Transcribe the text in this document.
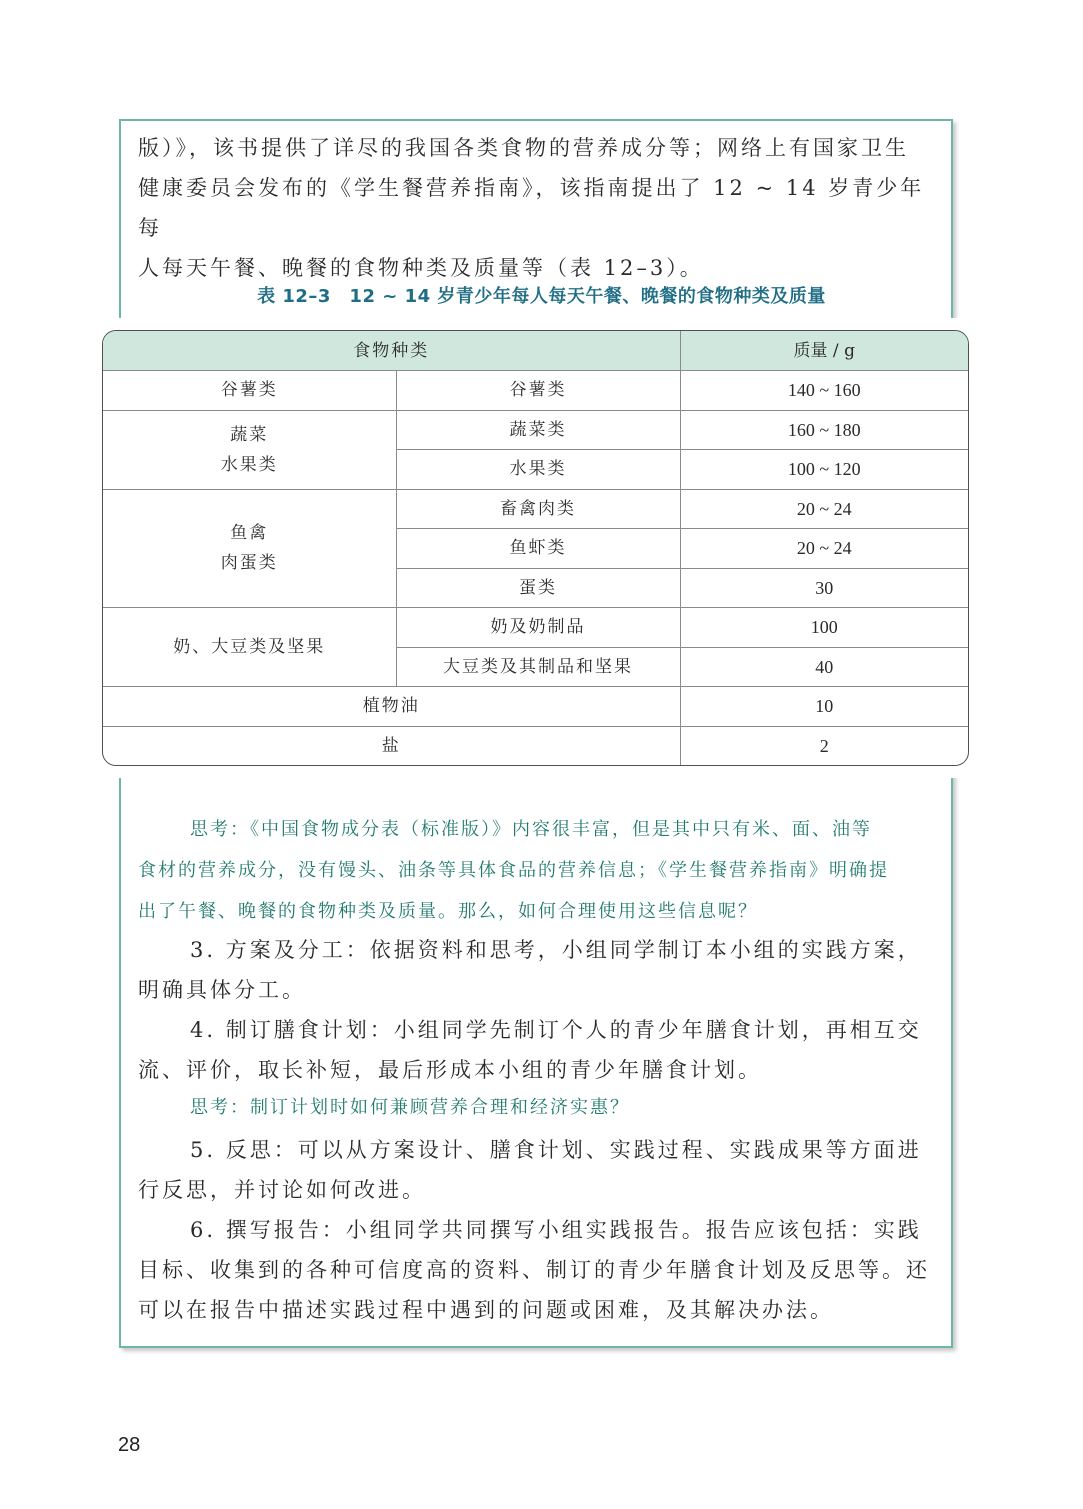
版）》，该书提供了详尽的我国各类食物的营养成分等；网络上有国家卫生
健康委员会发布的《学生餐营养指南》，该指南提出了 12 ~ 14 岁青少年每
人每天午餐、晚餐的食物种类及质量等（表 12–3）。

表 12–3　12 ~ 14 岁青少年每人每天午餐、晚餐的食物种类及质量
食物种类		质量 / g
谷薯类	谷薯类	140 ~ 160
蔬菜
水果类	蔬菜类	160 ~ 180
	水果类	100 ~ 120
鱼禽
肉蛋类	畜禽肉类	20 ~ 24
	鱼虾类	20 ~ 24
	蛋类	30
奶、大豆类及坚果	奶及奶制品	100
	大豆类及其制品和坚果	40
植物油		10
盐		2

思考：《中国食物成分表（标准版）》内容很丰富，但是其中只有米、面、油等
食材的营养成分，没有馒头、油条等具体食品的营养信息；《学生餐营养指南》明确提
出了午餐、晚餐的食物种类及质量。那么，如何合理使用这些信息呢？

3. 方案及分工：依据资料和思考，小组同学制订本小组的实践方案，
明确具体分工。

4. 制订膳食计划：小组同学先制订个人的青少年膳食计划，再相互交
流、评价，取长补短，最后形成本小组的青少年膳食计划。

思考：制订计划时如何兼顾营养合理和经济实惠？

5. 反思：可以从方案设计、膳食计划、实践过程、实践成果等方面进
行反思，并讨论如何改进。

6. 撰写报告：小组同学共同撰写小组实践报告。报告应该包括：实践
目标、收集到的各种可信度高的资料、制订的青少年膳食计划及反思等。还
可以在报告中描述实践过程中遇到的问题或困难，及其解决办法。

28
